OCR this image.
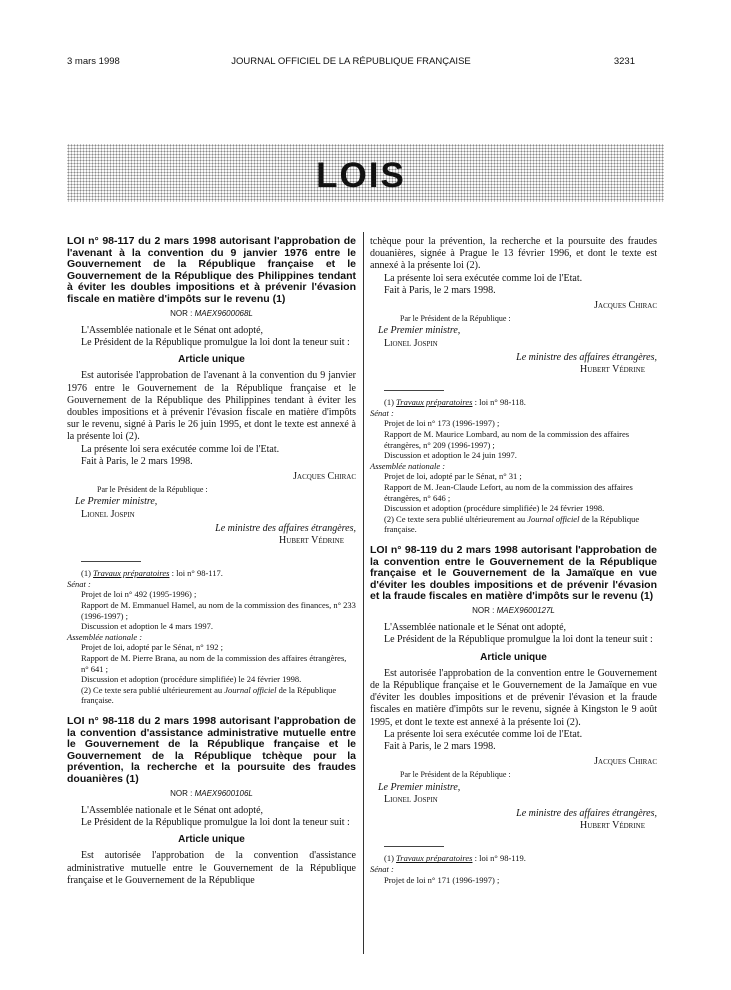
3 mars 1998	JOURNAL OFFICIEL DE LA RÉPUBLIQUE FRANÇAISE	3231
LOIS

LOI n° 98-117 du 2 mars 1998 autorisant l'approbation de l'avenant à la convention du 9 janvier 1976 entre le Gouvernement de la République française et le Gouvernement de la République des Philippines tendant à éviter les doubles impositions et à prévenir l'évasion fiscale en matière d'impôts sur le revenu (1)

NOR : MAEX9600068L

L'Assemblée nationale et le Sénat ont adopté,

Le Président de la République promulgue la loi dont la teneur suit :

Article unique

Est autorisée l'approbation de l'avenant à la convention du 9 janvier 1976 entre le Gouvernement de la République française et le Gouvernement de la République des Philippines tendant à éviter les doubles impositions et à prévenir l'évasion fiscale en matière d'impôts sur le revenu, signé à Paris le 26 juin 1995, et dont le texte est annexé à la présente loi (2).

La présente loi sera exécutée comme loi de l'Etat.

Fait à Paris, le 2 mars 1998.

Jacques Chirac
Par le Président de la République :
Le Premier ministre,
Lionel Jospin
Le ministre des affaires étrangères,
Hubert Védrine
(1) Travaux préparatoires : loi n° 98-117.
Sénat :
Projet de loi n° 492 (1995-1996) ;
Rapport de M. Emmanuel Hamel, au nom de la commission des finances, n° 233 (1996-1997) ;
Discussion et adoption le 4 mars 1997.
Assemblée nationale :
Projet de loi, adopté par le Sénat, n° 192 ;
Rapport de M. Pierre Brana, au nom de la commission des affaires étrangères, n° 641 ;
Discussion et adoption (procédure simplifiée) le 24 février 1998.
(2) Ce texte sera publié ultérieurement au Journal officiel de la République française.

LOI n° 98-118 du 2 mars 1998 autorisant l'approbation de la convention d'assistance administrative mutuelle entre le Gouvernement de la République française et le Gouvernement de la République tchèque pour la prévention, la recherche et la poursuite des fraudes douanières (1)

NOR : MAEX9600106L

L'Assemblée nationale et le Sénat ont adopté,

Le Président de la République promulgue la loi dont la teneur suit :

Article unique

Est autorisée l'approbation de la convention d'assistance administrative mutuelle entre le Gouvernement de la République française et le Gouvernement de la République

tchèque pour la prévention, la recherche et la poursuite des fraudes douanières, signée à Prague le 13 février 1996, et dont le texte est annexé à la présente loi (2).

La présente loi sera exécutée comme loi de l'Etat.

Fait à Paris, le 2 mars 1998.

Jacques Chirac
Par le Président de la République :
Le Premier ministre,
Lionel Jospin
Le ministre des affaires étrangères,
Hubert Védrine
(1) Travaux préparatoires : loi n° 98-118.
Sénat :
Projet de loi n° 173 (1996-1997) ;
Rapport de M. Maurice Lombard, au nom de la commission des affaires étrangères, n° 209 (1996-1997) ;
Discussion et adoption le 24 juin 1997.
Assemblée nationale :
Projet de loi, adopté par le Sénat, n° 31 ;
Rapport de M. Jean-Claude Lefort, au nom de la commission des affaires étrangères, n° 646 ;
Discussion et adoption (procédure simplifiée) le 24 février 1998.
(2) Ce texte sera publié ultérieurement au Journal officiel de la République française.

LOI n° 98-119 du 2 mars 1998 autorisant l'approbation de la convention entre le Gouvernement de la République française et le Gouvernement de la Jamaïque en vue d'éviter les doubles impositions et de prévenir l'évasion et la fraude fiscales en matière d'impôts sur le revenu (1)

NOR : MAEX9600127L

L'Assemblée nationale et le Sénat ont adopté,

Le Président de la République promulgue la loi dont la teneur suit :

Article unique

Est autorisée l'approbation de la convention entre le Gouvernement de la République française et le Gouvernement de la Jamaïque en vue d'éviter les doubles impositions et de prévenir l'évasion et la fraude fiscales en matière d'impôts sur le revenu, signée à Kingston le 9 août 1995, et dont le texte est annexé à la présente loi (2).

La présente loi sera exécutée comme loi de l'Etat.

Fait à Paris, le 2 mars 1998.

Jacques Chirac
Par le Président de la République :
Le Premier ministre,
Lionel Jospin
Le ministre des affaires étrangères,
Hubert Védrine
(1) Travaux préparatoires : loi n° 98-119.
Sénat :
Projet de loi n° 171 (1996-1997) ;
